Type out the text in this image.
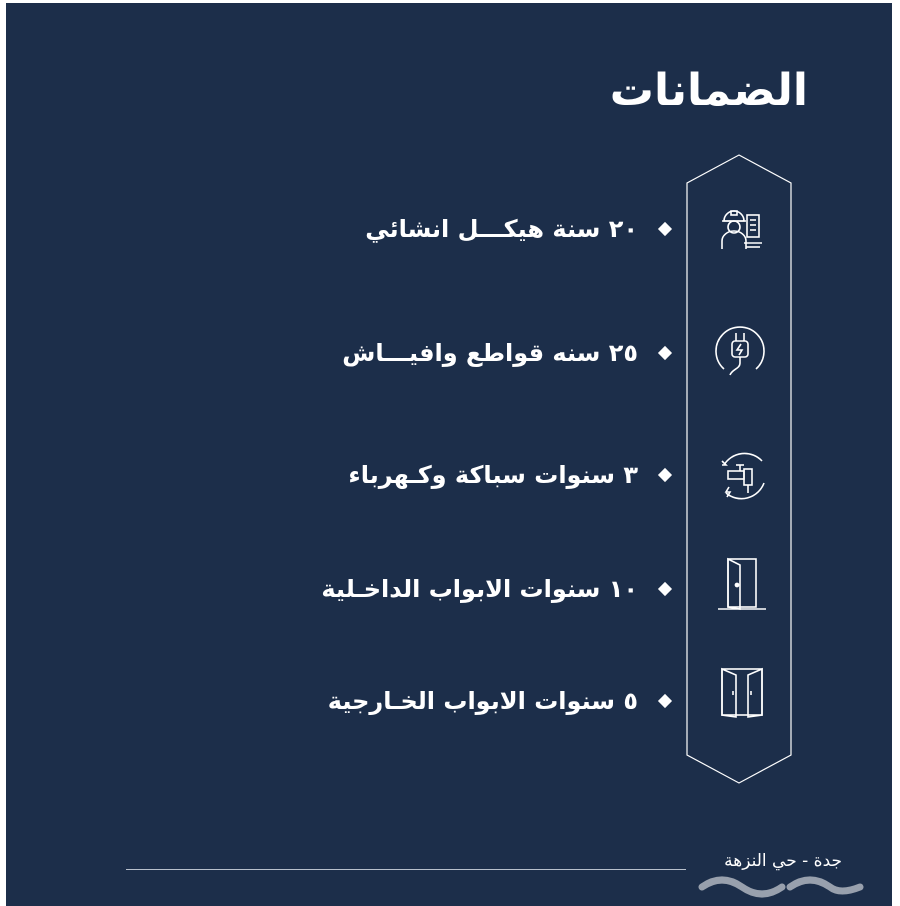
الضمانات
٢٠ سنة هيكـــل انشائي
٢٥ سنه قواطع وافيـــاش
٣ سنوات سباكة وكـهرباء
١٠ سنوات الابواب الداخـلية
٥ سنوات الابواب الخـارجية
جدة - حي النزهة
